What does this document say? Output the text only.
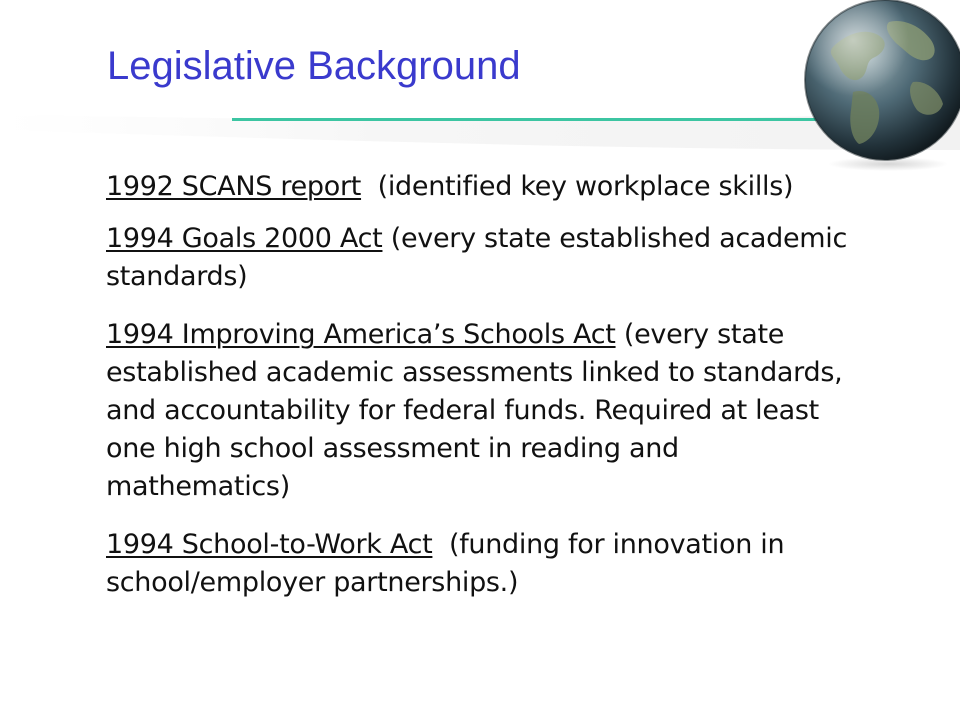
Legislative Background

1992 SCANS report  (identified key workplace skills)

1994 Goals 2000 Act (every state established academic standards)

1994 Improving America’s Schools Act (every state established academic assessments linked to standards, and accountability for federal funds. Required at least one high school assessment in reading and mathematics)

1994 School-to-Work Act  (funding for innovation in school/employer partnerships.)
